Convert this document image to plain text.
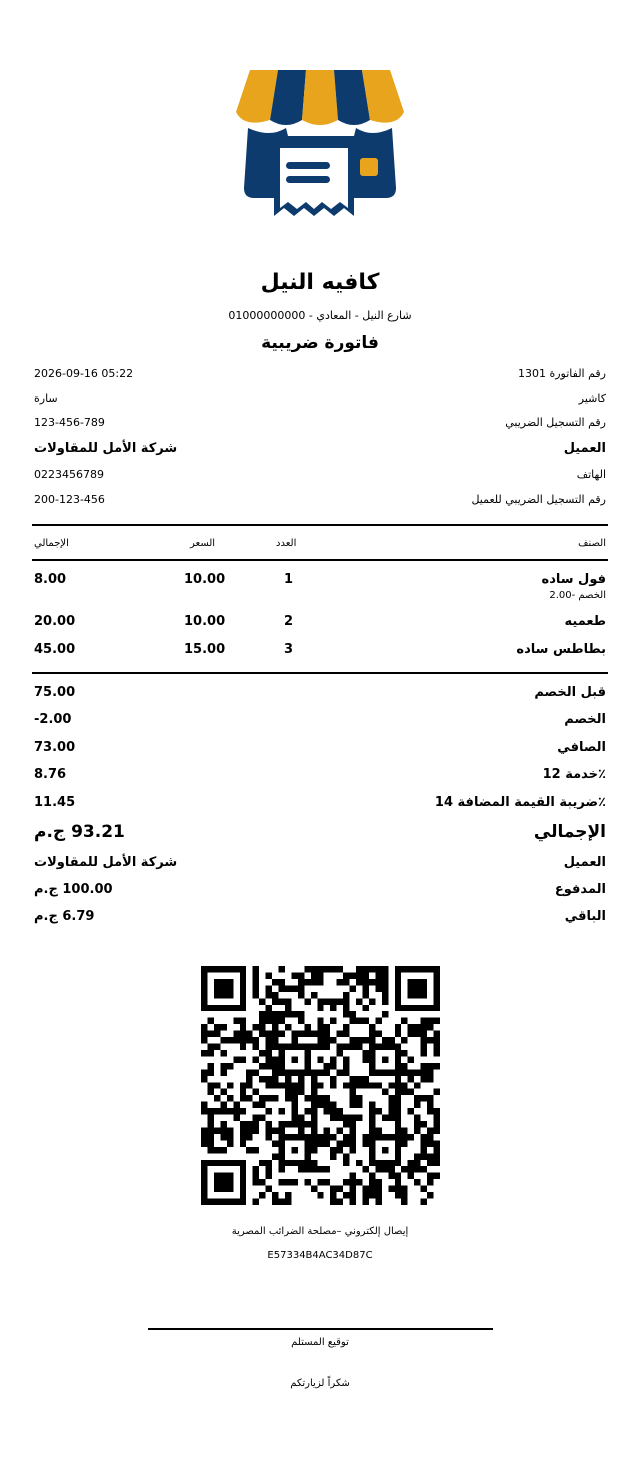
كافيه النيل
شارع النيل - المعادي - 01000000000
فاتورة ضريبية
رقم الفاتورة 1301
2026-09-16 05:22
كاشير
سارة
رقم التسجيل الضريبي
123-456-789
العميل
شركة الأمل للمقاولات
الهاتف
0223456789
رقم التسجيل الضريبي للعميل
200-123-456
الصنف
العدد
السعر
الإجمالي
فول ساده
1
10.00
8.00
الخصم -2.00
طعميه
2
10.00
20.00
بطاطس ساده
3
15.00
45.00
قبل الخصم
75.00
الخصم
-2.00
الصافي
73.00
٪خدمة 12
8.76
٪ضريبة القيمة المضافة 14
11.45
الإجمالي
93.21 ج.م
العميل
شركة الأمل للمقاولات
المدفوع
100.00 ج.م
الباقي
6.79 ج.م
إيصال إلكتروني –مصلحة الضرائب المصرية
E57334B4AC34D87C
توقيع المستلم
شكراً لزيارتكم
